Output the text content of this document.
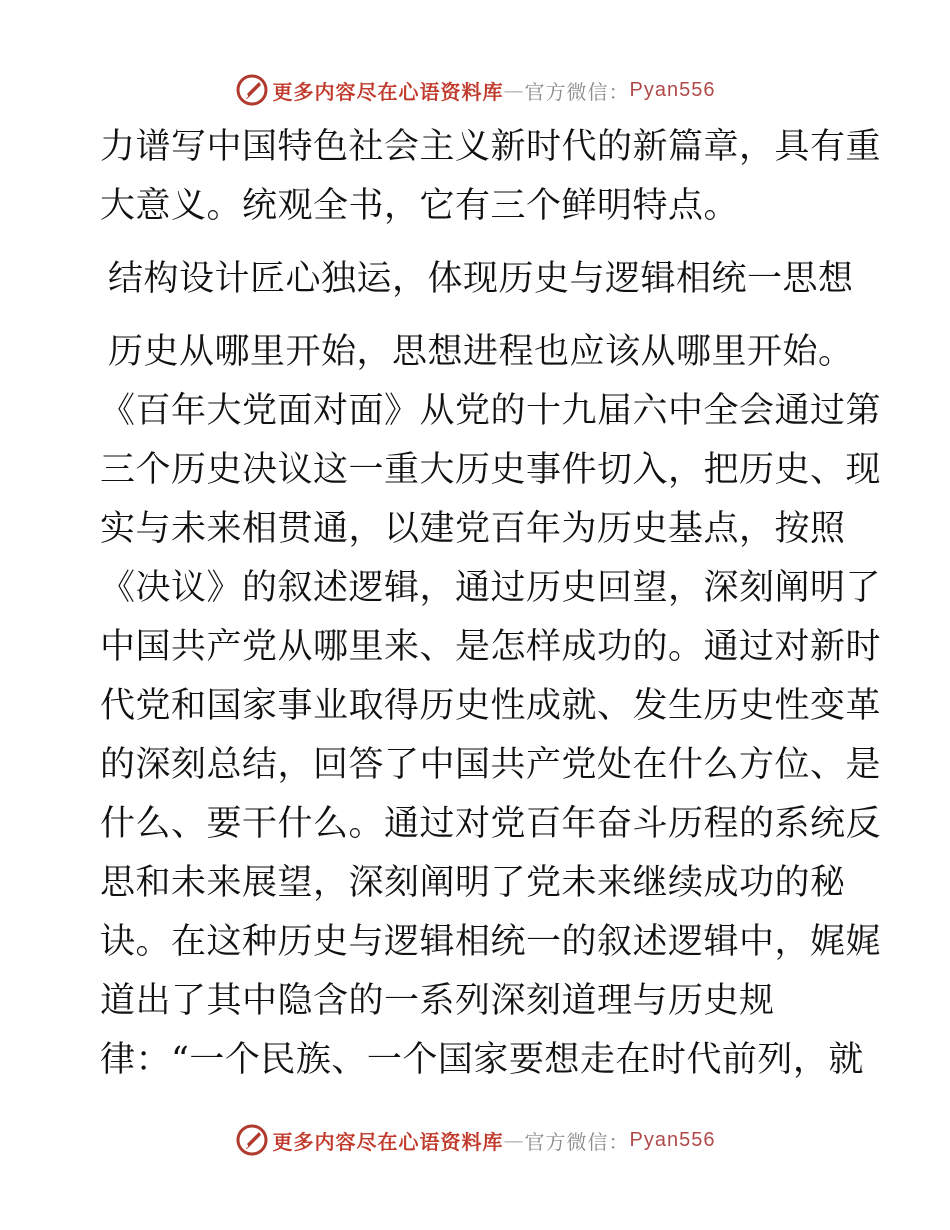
更多内容尽在心语资料库 — 官方微信： Pyan556
力谱写中国特色社会主义新时代的新篇章，具有重
大意义。统观全书，它有三个鲜明特点。
结构设计匠心独运，体现历史与逻辑相统一思想
历史从哪里开始，思想进程也应该从哪里开始。
《百年大党面对面》从党的十九届六中全会通过第
三个历史决议这一重大历史事件切入，把历史、现
实与未来相贯通，以建党百年为历史基点，按照
《决议》的叙述逻辑，通过历史回望，深刻阐明了
中国共产党从哪里来、是怎样成功的。通过对新时
代党和国家事业取得历史性成就、发生历史性变革
的深刻总结，回答了中国共产党处在什么方位、是
什么、要干什么。通过对党百年奋斗历程的系统反
思和未来展望，深刻阐明了党未来继续成功的秘
诀。在这种历史与逻辑相统一的叙述逻辑中，娓娓
道出了其中隐含的一系列深刻道理与历史规
律：“一个民族、一个国家要想走在时代前列，就
更多内容尽在心语资料库 — 官方微信： Pyan556
